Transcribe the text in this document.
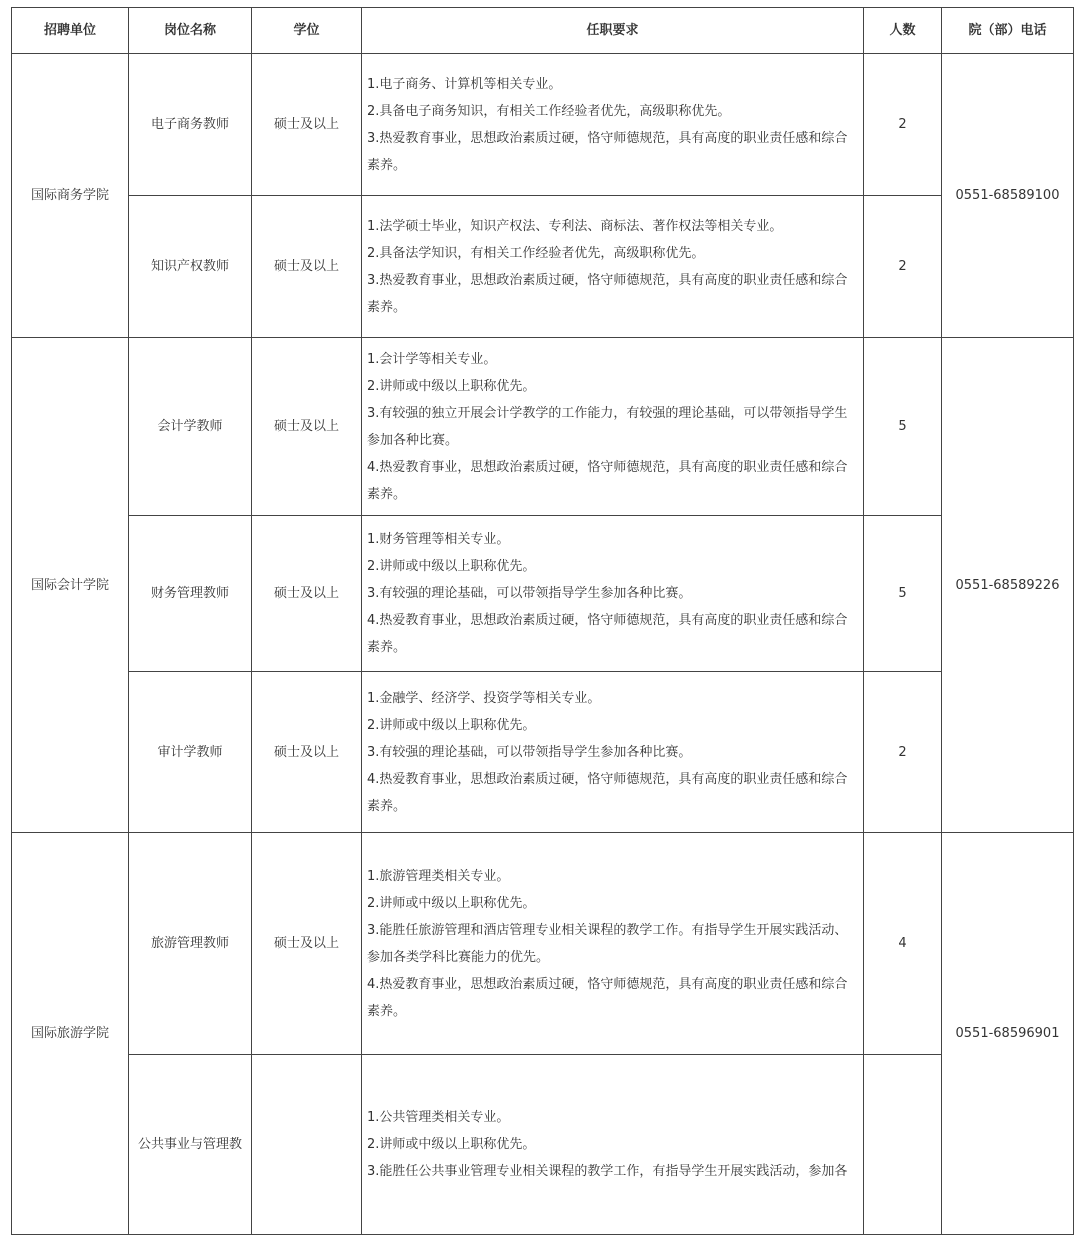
招聘单位	岗位名称	学位	任职要求	人数	院（部）电话
国际商务学院	电子商务教师	硕士及以上	1.电子商务、计算机等相关专业。

2.具备电子商务知识，有相关工作经验者优先，高级职称优先。

3.热爱教育事业，思想政治素质过硬，恪守师德规范，具有高度的职业责任感和综合素养。	2	0551-68589100
	知识产权教师	硕士及以上	1.法学硕士毕业，知识产权法、专利法、商标法、著作权法等相关专业。

2.具备法学知识，有相关工作经验者优先，高级职称优先。

3.热爱教育事业，思想政治素质过硬，恪守师德规范，具有高度的职业责任感和综合素养。	2	
国际会计学院	会计学教师	硕士及以上	1.会计学等相关专业。

2.讲师或中级以上职称优先。

3.有较强的独立开展会计学教学的工作能力，有较强的理论基础，可以带领指导学生参加各种比赛。

4.热爱教育事业，思想政治素质过硬，恪守师德规范，具有高度的职业责任感和综合素养。	5	0551-68589226
	财务管理教师	硕士及以上	1.财务管理等相关专业。

2.讲师或中级以上职称优先。

3.有较强的理论基础，可以带领指导学生参加各种比赛。

4.热爱教育事业，思想政治素质过硬，恪守师德规范，具有高度的职业责任感和综合素养。	5	
	审计学教师	硕士及以上	1.金融学、经济学、投资学等相关专业。

2.讲师或中级以上职称优先。

3.有较强的理论基础，可以带领指导学生参加各种比赛。

4.热爱教育事业，思想政治素质过硬，恪守师德规范，具有高度的职业责任感和综合素养。	2	
国际旅游学院	旅游管理教师	硕士及以上	1.旅游管理类相关专业。

2.讲师或中级以上职称优先。

3.能胜任旅游管理和酒店管理专业相关课程的教学工作。有指导学生开展实践活动、参加各类学科比赛能力的优先。

4.热爱教育事业，思想政治素质过硬，恪守师德规范，具有高度的职业责任感和综合素养。	4	0551-68596901
	公共事业与管理教		1.公共管理类相关专业。

2.讲师或中级以上职称优先。

3.能胜任公共事业管理专业相关课程的教学工作，有指导学生开展实践活动，参加各		
